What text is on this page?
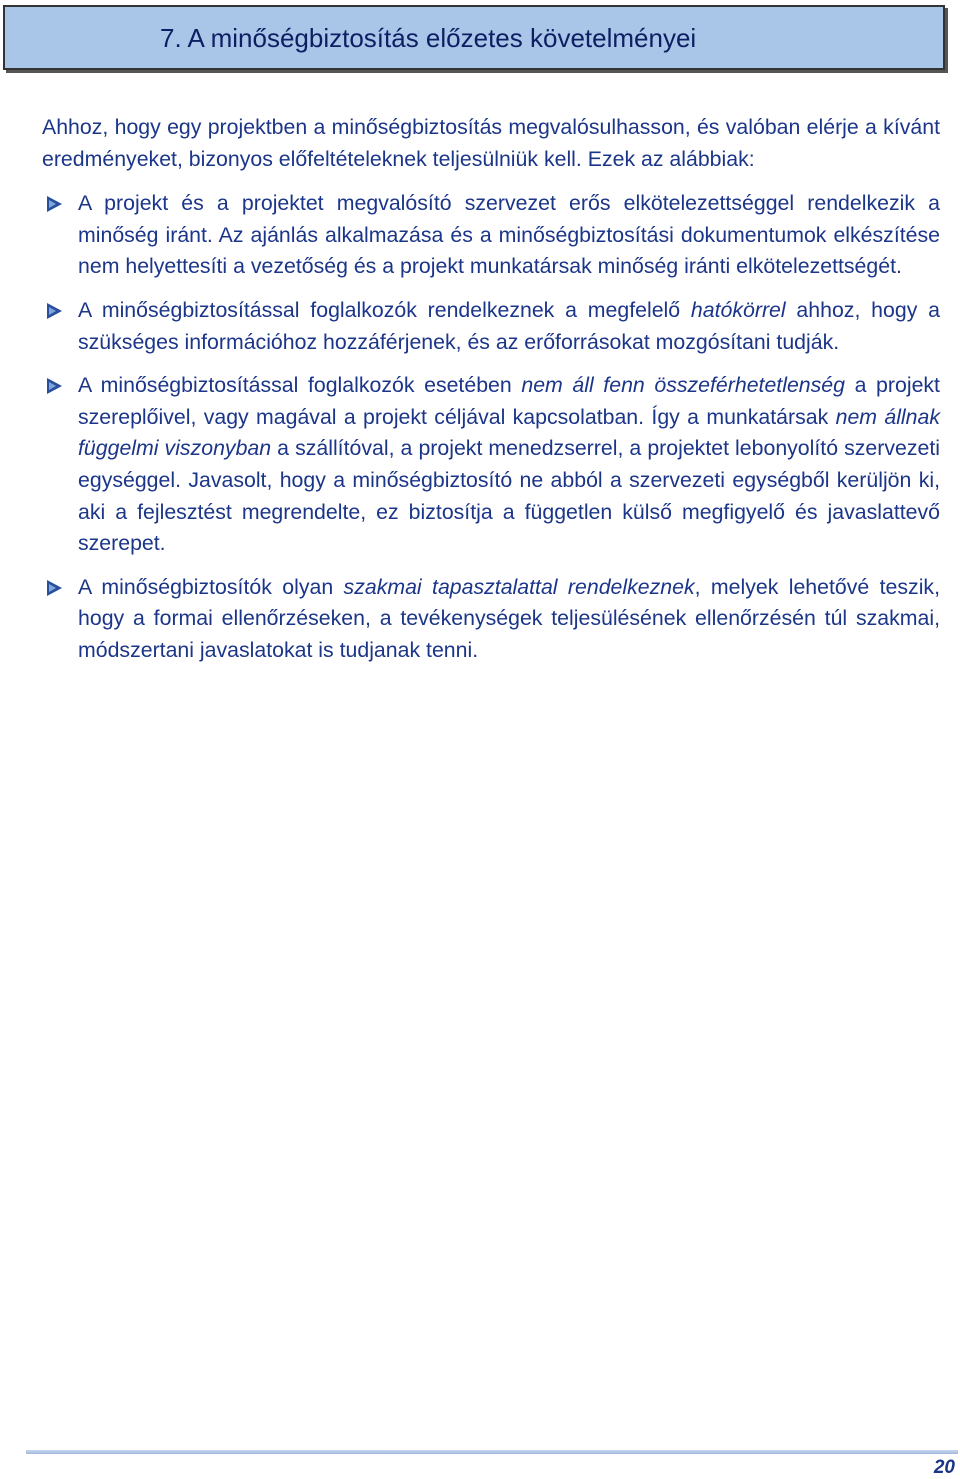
7. A minőségbiztosítás előzetes követelményei

Ahhoz, hogy egy projektben a minőségbiztosítás megvalósulhasson, és valóban elérje a kívánt eredményeket, bizonyos előfeltételeknek teljesülniük kell. Ezek az alábbiak:

A projekt és a projektet megvalósító szervezet erős elkötelezettséggel rendelkezik a minőség iránt. Az ajánlás alkalmazása és a minőségbiztosítási dokumentumok elkészítése nem helyettesíti a vezetőség és a projekt munkatársak minőség iránti elkötelezettségét.
A minőségbiztosítással foglalkozók rendelkeznek a megfelelő hatókörrel ahhoz, hogy a szükséges információhoz hozzáférjenek, és az erőforrásokat mozgósítani tudják.
A minőségbiztosítással foglalkozók esetében nem áll fenn összeférhetetlenség a projekt szereplőivel, vagy magával a projekt céljával kapcsolatban. Így a munkatársak nem állnak függelmi viszonyban a szállítóval, a projekt menedzserrel, a projektet lebonyolító szervezeti egységgel. Javasolt, hogy a minőségbiztosító ne abból a szervezeti egységből kerüljön ki, aki a fejlesztést megrendelte, ez biztosítja a független külső megfigyelő és javaslattevő szerepet.
A minőségbiztosítók olyan szakmai tapasztalattal rendelkeznek, melyek lehetővé teszik, hogy a formai ellenőrzéseken, a tevékenységek teljesülésének ellenőrzésén túl szakmai, módszertani javaslatokat is tudjanak tenni.
20
